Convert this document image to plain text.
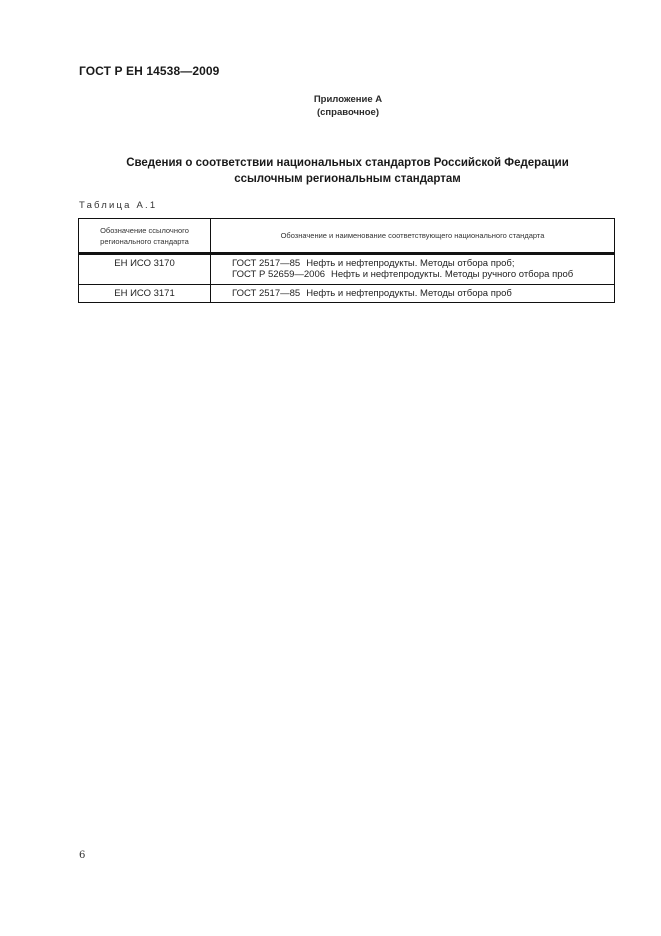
ГОСТ Р ЕН 14538—2009
Приложение А
(справочное)
Сведения о соответствии национальных стандартов Российской Федерации
ссылочным региональным стандартам
Таблица А.1
Обозначение ссылочного регионального стандарта	Обозначение и наименование соответствующего национального стандарта
ЕН ИСО 3170	ГОСТ 2517—85 Нефть и нефтепродукты. Методы отбора проб;
ГОСТ Р 52659—2006 Нефть и нефтепродукты. Методы ручного отбора проб

ЕН ИСО 3171	ГОСТ 2517—85 Нефть и нефтепродукты. Методы отбора проб
6
